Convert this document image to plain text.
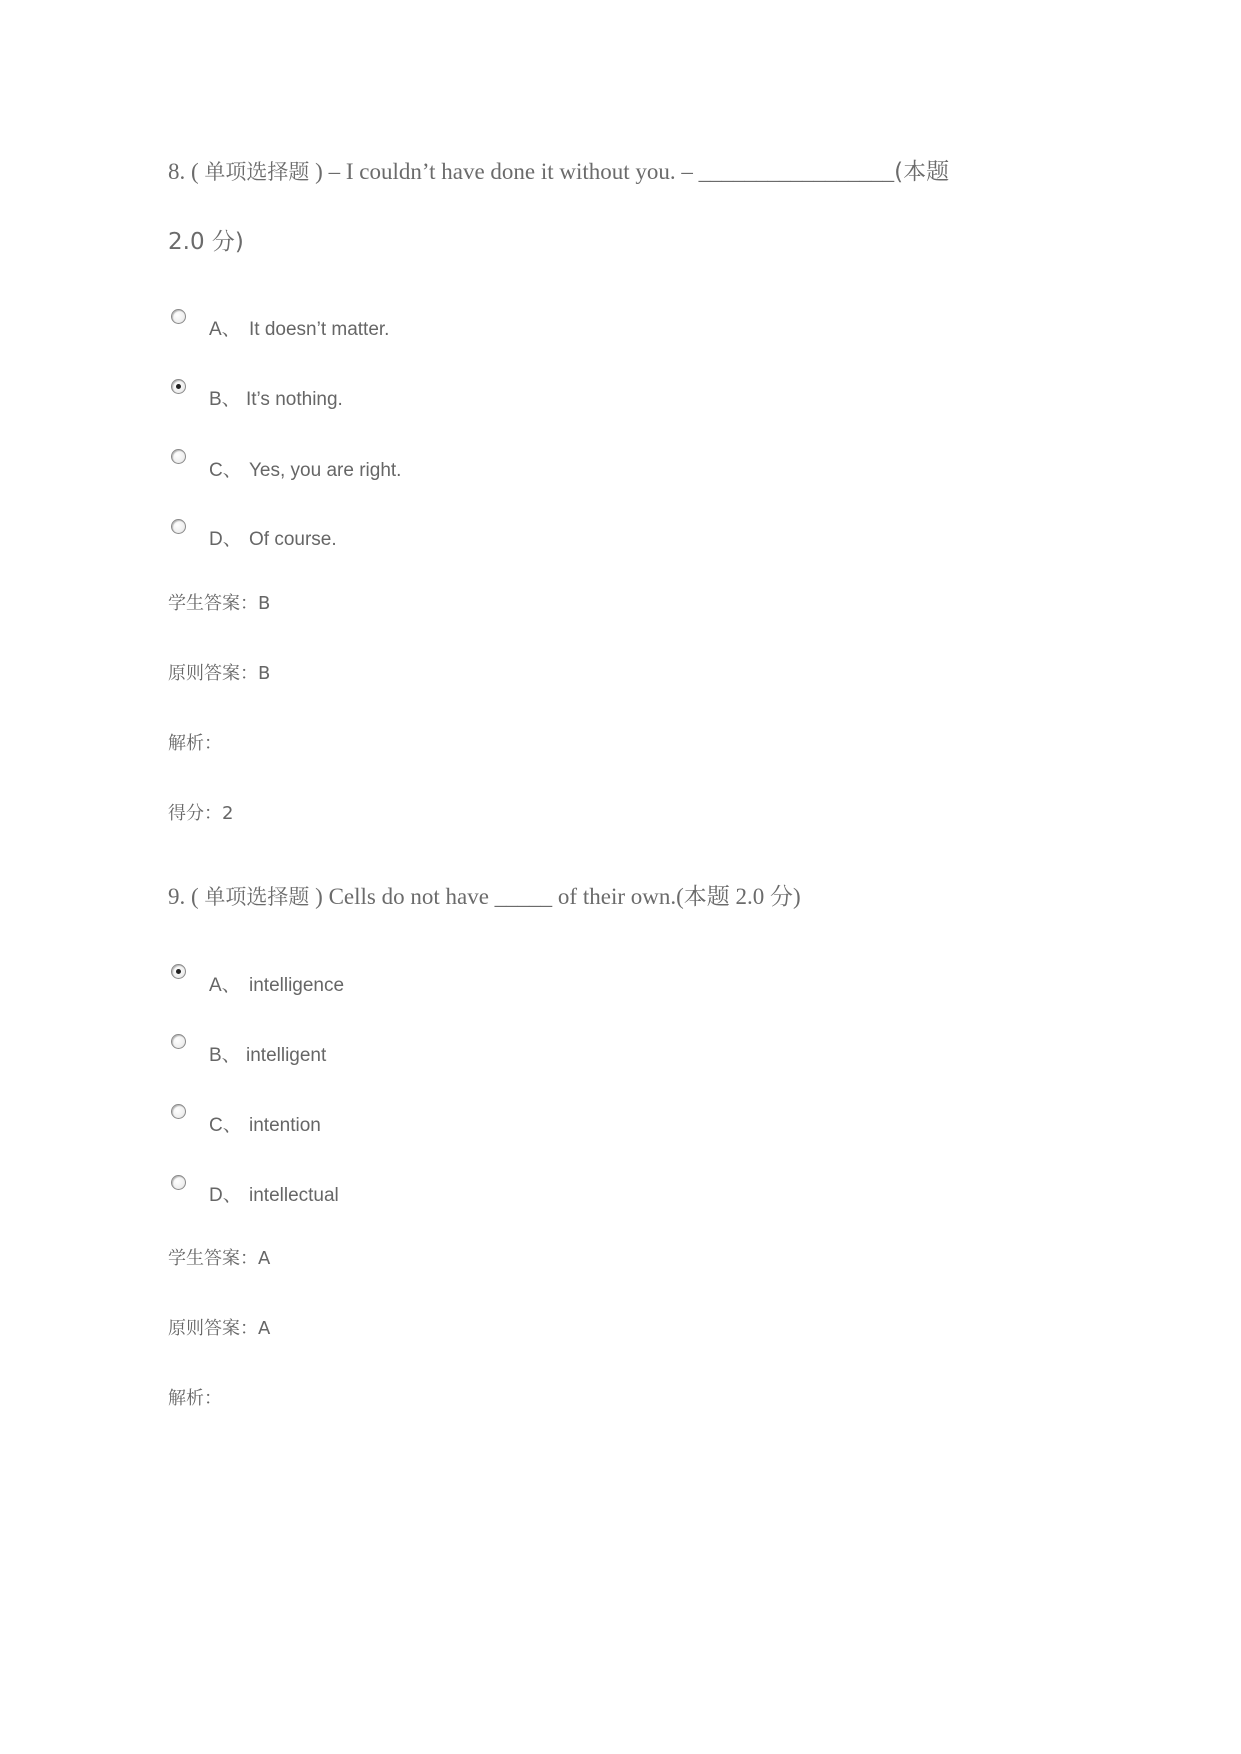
8. ( 单项选择题 ) – I couldn’t have done it without you. – _________________(本题
2.0 分)
A、 It doesn’t matter.
B、 It’s nothing.
C、 Yes, you are right.
D、 Of course.
学生答案：B
原则答案：B
解析：
得分：2
9. ( 单项选择题 ) Cells do not have _____ of their own.(本题 2.0 分)
A、 intelligence
B、 intelligent
C、 intention
D、 intellectual
学生答案：A
原则答案：A
解析：
